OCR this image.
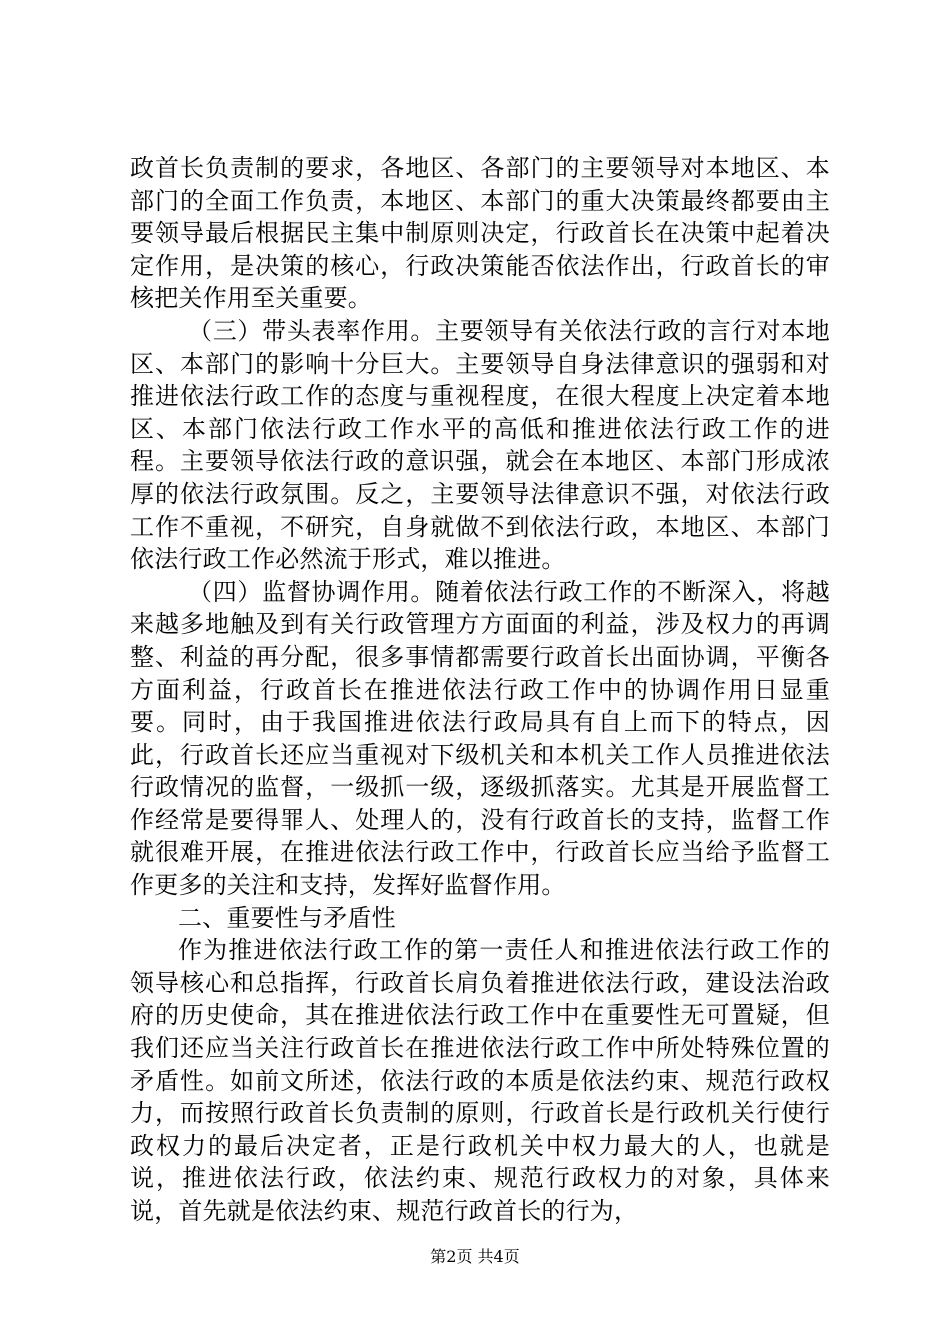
政首长负责制的要求，各地区、各部门的主要领导对本地区、本部门的全面工作负责，本地区、本部门的重大决策最终都要由主要领导最后根据民主集中制原则决定，行政首长在决策中起着决定作用，是决策的核心，行政决策能否依法作出，行政首长的审核把关作用至关重要。

（三）带头表率作用。主要领导有关依法行政的言行对本地区、本部门的影响十分巨大。主要领导自身法律意识的强弱和对推进依法行政工作的态度与重视程度，在很大程度上决定着本地区、本部门依法行政工作水平的高低和推进依法行政工作的进程。主要领导依法行政的意识强，就会在本地区、本部门形成浓厚的依法行政氛围。反之，主要领导法律意识不强，对依法行政工作不重视，不研究，自身就做不到依法行政，本地区、本部门依法行政工作必然流于形式，难以推进。

（四）监督协调作用。随着依法行政工作的不断深入，将越来越多地触及到有关行政管理方方面面的利益，涉及权力的再调整、利益的再分配，很多事情都需要行政首长出面协调，平衡各方面利益，行政首长在推进依法行政工作中的协调作用日显重要。同时，由于我国推进依法行政局具有自上而下的特点，因此，行政首长还应当重视对下级机关和本机关工作人员推进依法行政情况的监督，一级抓一级，逐级抓落实。尤其是开展监督工作经常是要得罪人、处理人的，没有行政首长的支持，监督工作就很难开展，在推进依法行政工作中，行政首长应当给予监督工作更多的关注和支持，发挥好监督作用。

二、重要性与矛盾性

作为推进依法行政工作的第一责任人和推进依法行政工作的领导核心和总指挥，行政首长肩负着推进依法行政，建设法治政府的历史使命，其在推进依法行政工作中在重要性无可置疑，但我们还应当关注行政首长在推进依法行政工作中所处特殊位置的矛盾性。如前文所述，依法行政的本质是依法约束、规范行政权力，而按照行政首长负责制的原则，行政首长是行政机关行使行政权力的最后决定者，正是行政机关中权力最大的人，也就是说，推进依法行政，依法约束、规范行政权力的对象，具体来说，首先就是依法约束、规范行政首长的行为，

第2页 共4页
